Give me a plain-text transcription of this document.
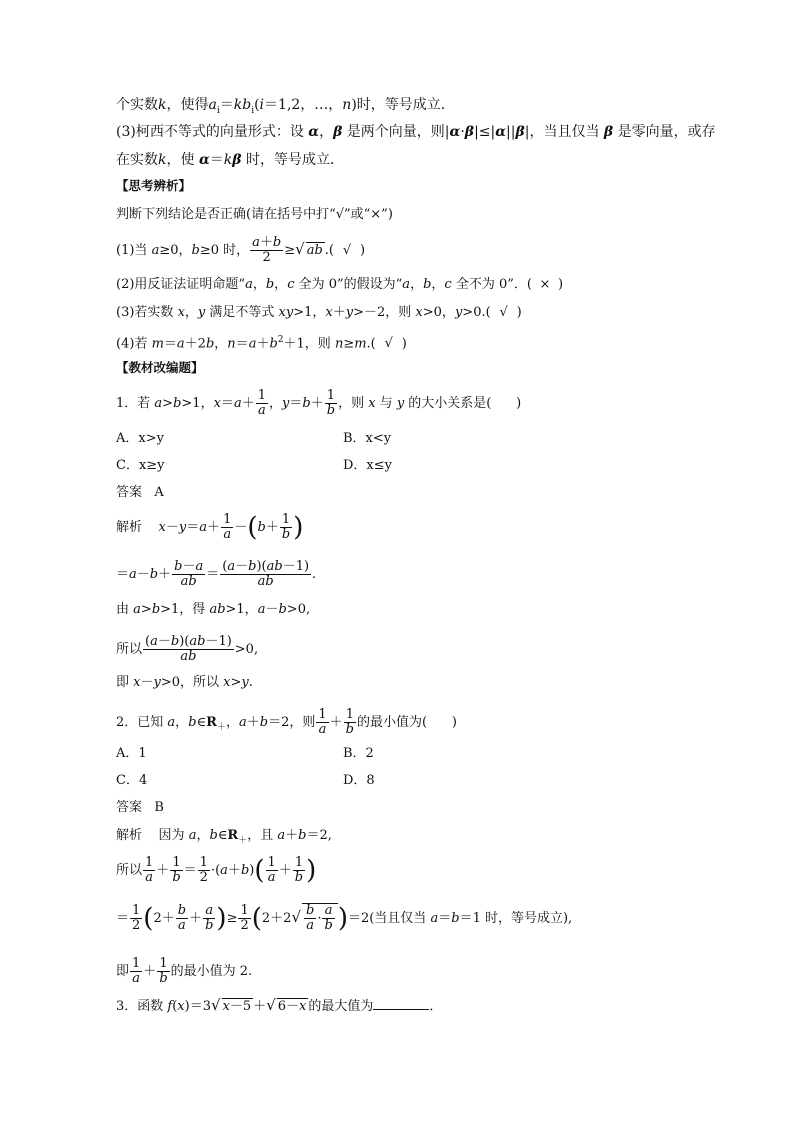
个实数k，使得$a_i=kb_i(i=1,2$，…，n)时，等号成立．
(3)柯西不等式的向量形式：设 α，β 是两个向量，则|α·β|≤|α||β|，当且仅当 β 是零向量，或存
在实数k，使 α＝kβ 时，等号成立．
【思考辨析】
判断下列结论是否正确(请在括号中打“√”或“×”)
(1)当 a≥0，b≥0 时， $\frac{a+b}{2}$ ≥√ ab .( √ )
(2)用反证法证明命题“a，b，c 全为 0”的假设为“a，b，c 全不为 0”．( × )
(3)若实数 x，y 满足不等式 xy>1，x＋y>－2，则 x>0，y>0.( √ )
(4)若 m＝a＋2b，$n=a+b^2+1$，则 n≥m.( √ )
【教材改编题】
1．若 a>b>1，$x=a+ \frac{1}{a}$ ，$y=b+ \frac{1}{b}$ ，则 x 与 y 的大小关系是(      )
A．x>y	B．x<y
C．x≥y	D．x≤y
答案 A
解析 $x-y=a+ \frac{1}{a} -(b+ \frac{1}{b}$ )
$=a-b+ \frac{b-a}{ab} = \frac{(a-b)(ab-1)}{ab}$ .
由 a>b>1，得 ab>1，a－b>0,
所以 $\frac{(a-b)(ab-1)}{ab} >0$,
即 x－y>0，所以 x>y.
2．已知 a，$b\in R_+$，a＋b＝2，则 $\frac{1}{a} + \frac{1}{b}$ 的最小值为(      )
A．1	B．2
C．4	D．8
答案 B
解析    因为 a，$b\in R_+$，且 a＋b＝2,
所以 $\frac{1}{a} + \frac{1}{b} = \frac{1}{2} \cdot(a+b)( \frac{1}{a} + \frac{1}{b}$ )
＝ $\frac{1}{2} (2+ \frac{b}{a} + \frac{a}{b}$ )≥ $\frac{1}{2} (2+2√ \frac{b}{a} \cdot \frac{a}{b} )=2$(当且仅当 a＝b＝1 时，等号成立),
即 $\frac{1}{a} + \frac{1}{b}$ 的最小值为 2.
3．函数 f(x)＝3√ x－5 ＋√ 6－x 的最大值为	．
